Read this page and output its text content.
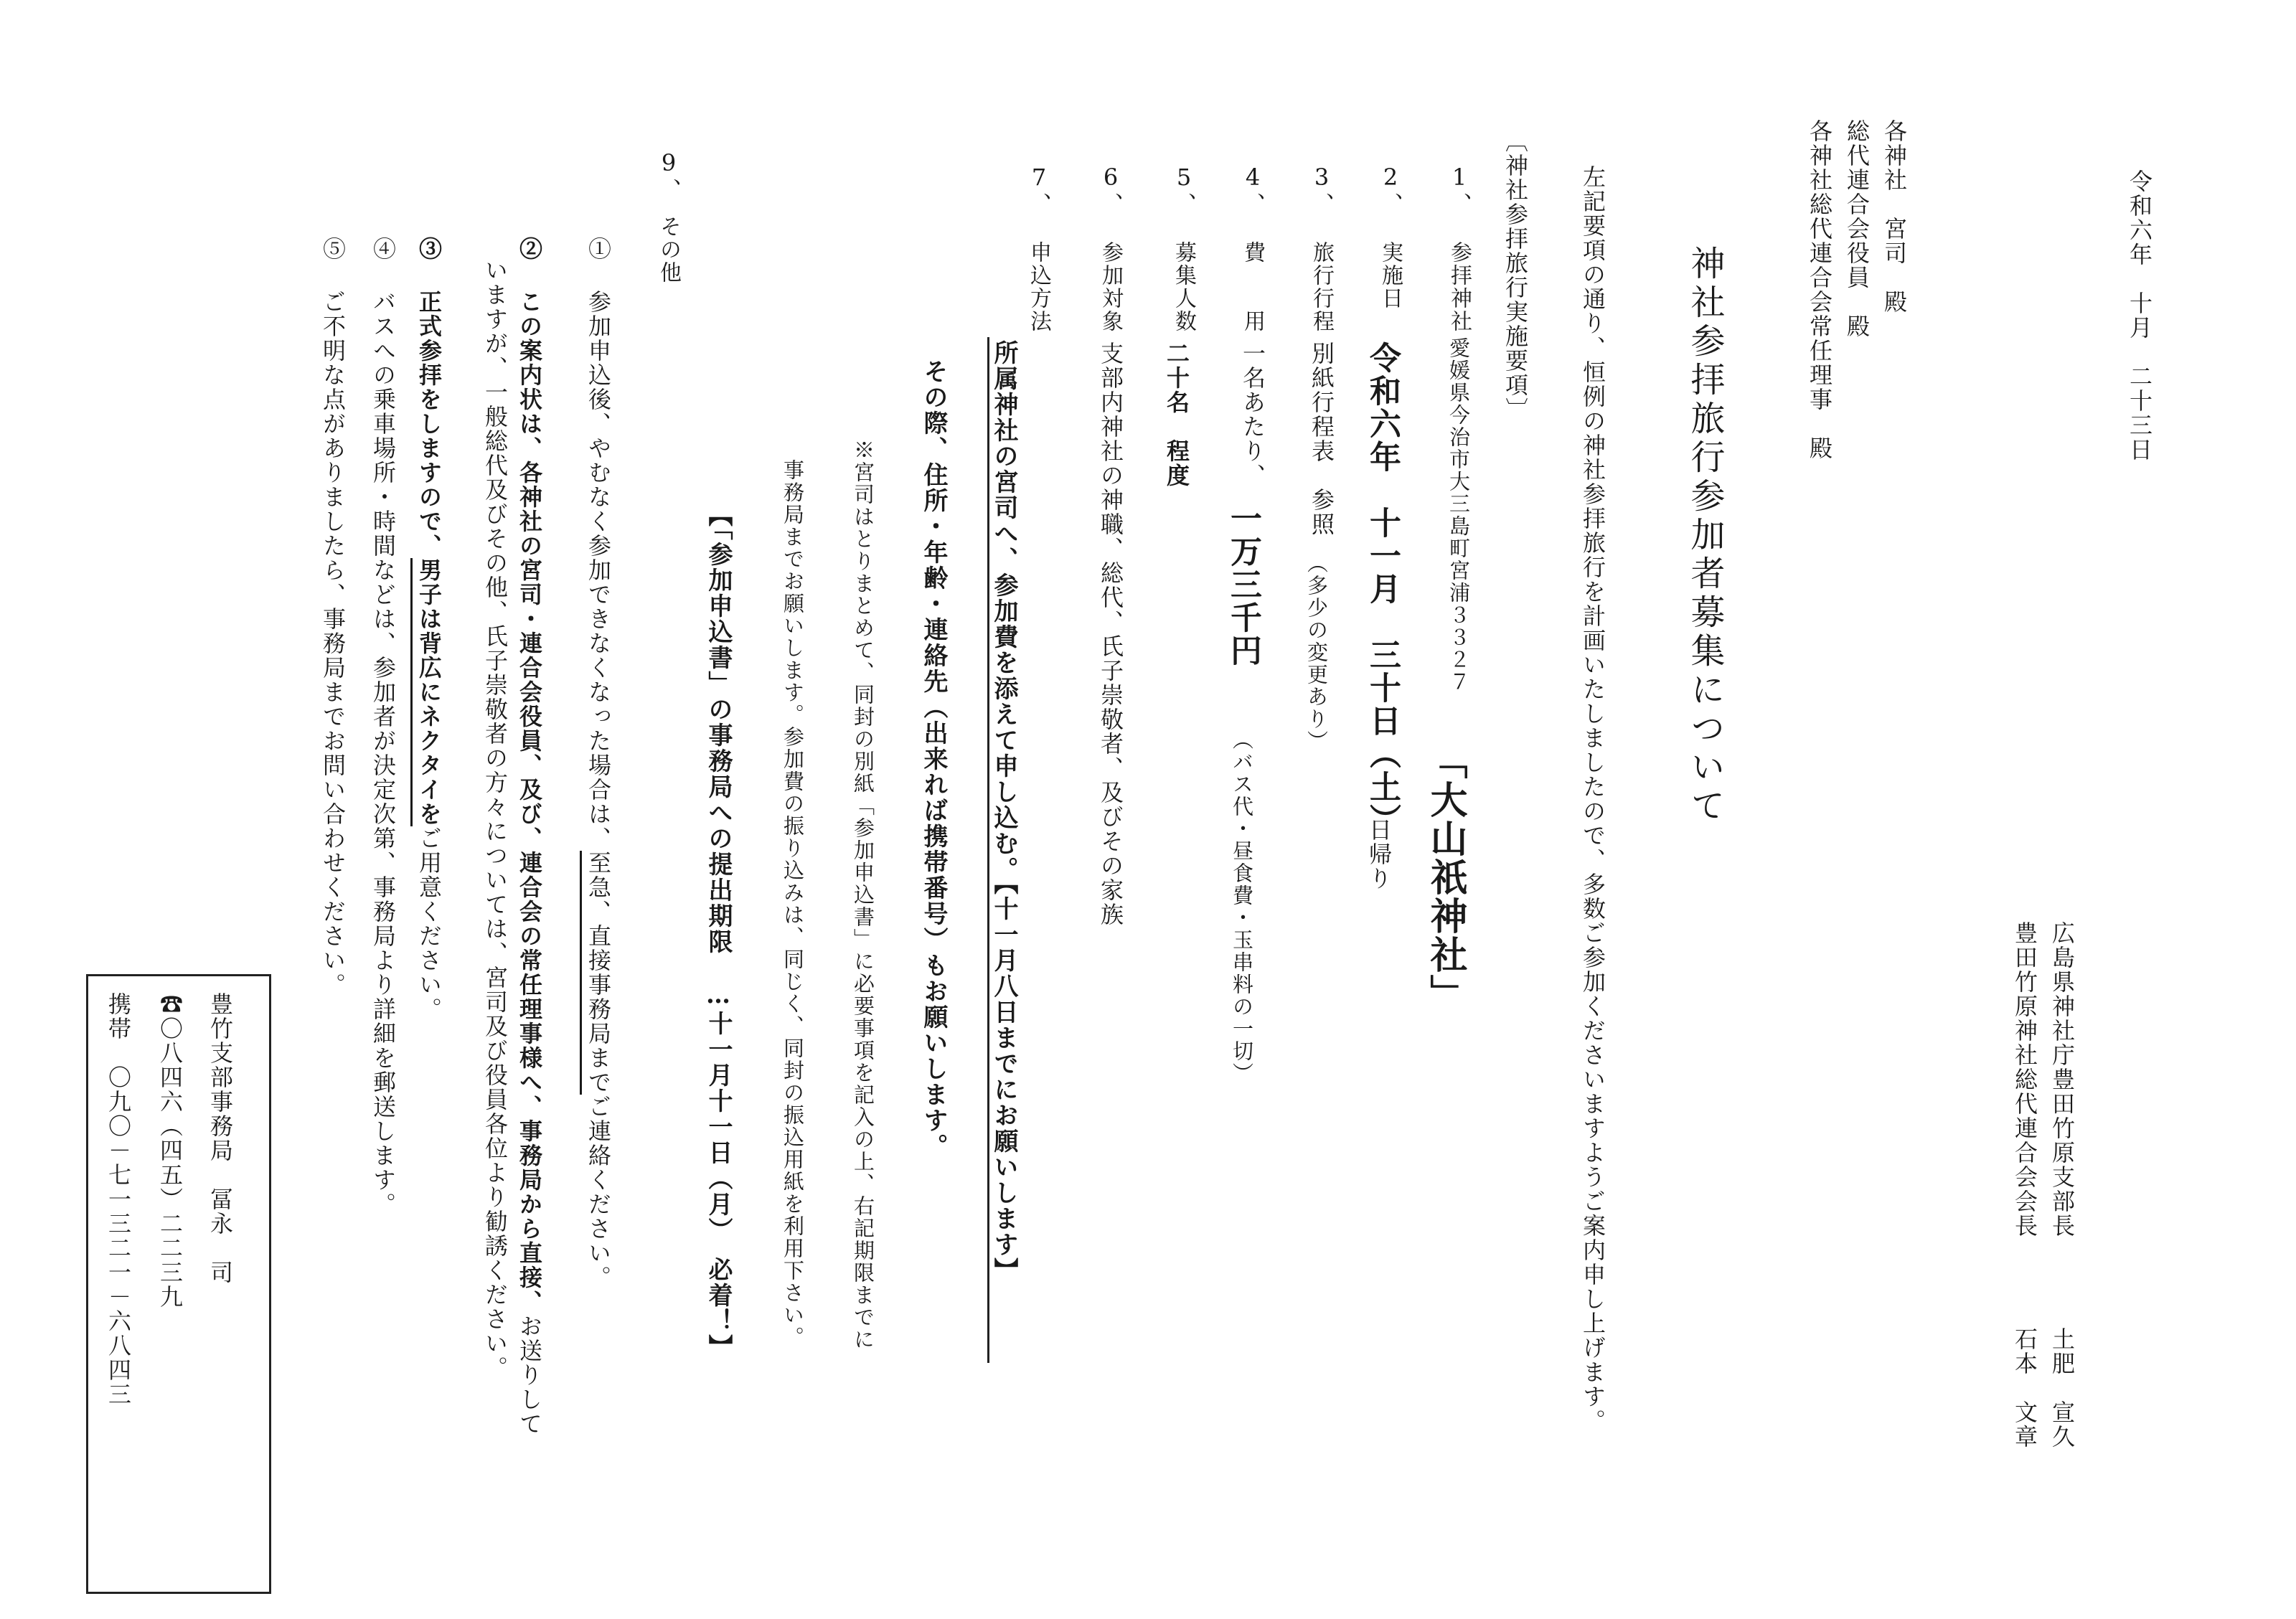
令和六年　十月　二十三日
各神社　宮司　殿
総代連合会役員　殿
各神社総代連合会常任理事　殿
広島県神社庁豊田竹原支部長
土肥　宣久
豊田竹原神社総代連合会会長
石本　文章
神社参拝旅行参加者募集について
左記要項の通り、恒例の神社参拝旅行を計画いたしましたので、多数ご参加くださいますようご案内申し上げます。
〔神社参拝旅行実施要項〕
1、
参拝神社
愛媛県今治市大三島町宮浦３３２７
「大山祇神社」
2、
実施日
令和六年　十一月　三十日（土）
日帰り
3、
旅行行程
別紙行程表　参照
（多少の変更あり）
4、
費　　用
一名あたり、
一万三千円
（バス代・昼食費・玉串料の一切）
5、
募集人数
二十名　程度
6、
参加対象
支部内神社の神職、総代、氏子崇敬者、及びその家族
7、
申込方法
所属神社の宮司へ、参加費を添えて申し込む。【十一月八日までにお願いします】
その際、住所・年齢・連絡先（出来れば携帯番号）もお願いします。
※宮司はとりまとめて、同封の別紙「参加申込書」に必要事項を記入の上、右記期限までに
事務局までお願いします。参加費の振り込みは、同じく、同封の振込用紙を利用下さい。
【「参加申込書」の事務局への提出期限　…十一月十一日（月）　必着！】
9、
その他
① 参加申込後、やむなく参加できなくなった場合は、至急、直接事務局までご連絡ください。
② この案内状は、各神社の宮司・連合会役員、及び、連合会の常任理事様へ、事務局から直接、お送りして
いますが、一般総代及びその他、氏子崇敬者の方々については、宮司及び役員各位より勧誘ください。
③ 正式参拝をしますので、男子は背広にネクタイをご用意ください。
④ バスへの乗車場所・時間などは、参加者が決定次第、事務局より詳細を郵送します。
⑤ ご不明な点がありましたら、事務局までお問い合わせください。
豊竹支部事務局　冨永　司
☎〇八四六（四五）二二三九
携帯　〇九〇－七一三二一－六八四三
